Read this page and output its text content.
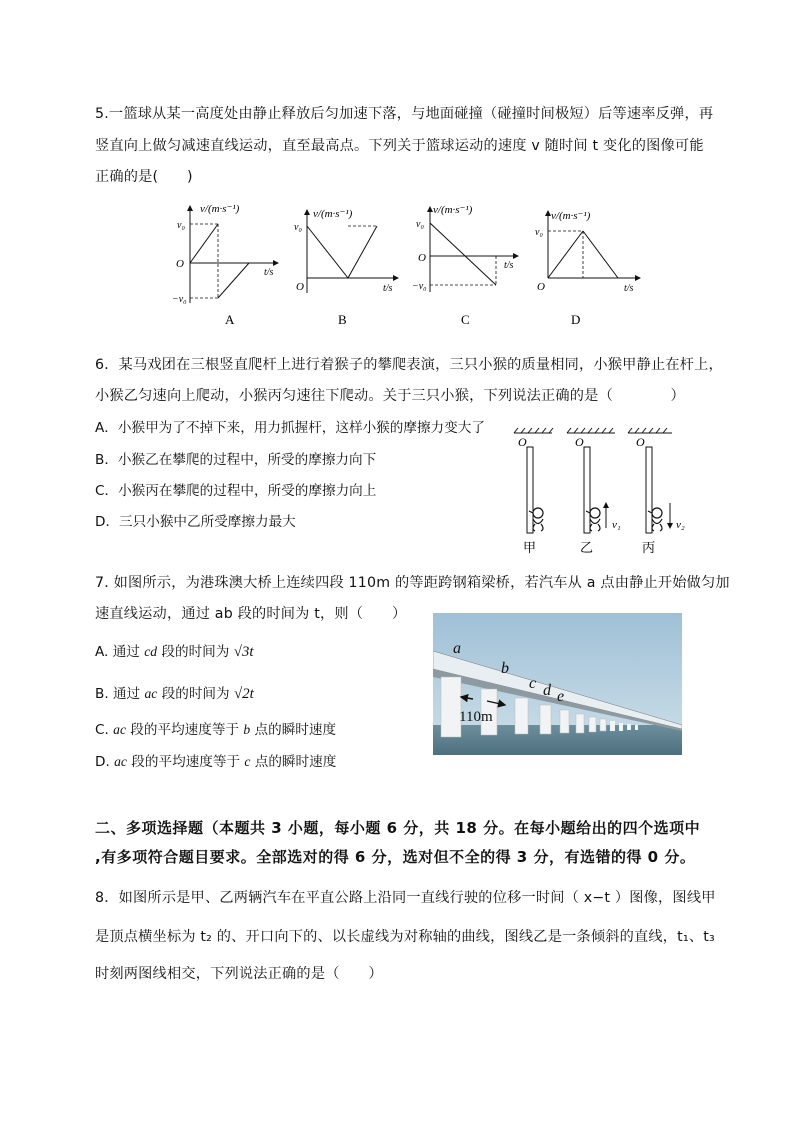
5.一篮球从某一高度处由静止释放后匀加速下落，与地面碰撞（碰撞时间极短）后等速率反弹，再
竖直向上做匀减速直线运动，直至最高点。下列关于篮球运动的速度 v 随时间 t 变化的图像可能
正确的是(　　)
v/(m·s⁻¹)
v₀
O
−v₀
t/s
A
v/(m·s⁻¹)
v₀
O	t/s
B
v/(m·s⁻¹)
v₀
O
−v₀
t/s
C
v/(m·s⁻¹)
v₀
O	t/s
D
6．某马戏团在三根竖直爬杆上进行着猴子的攀爬表演，三只小猴的质量相同，小猴甲静止在杆上，
小猴乙匀速向上爬动，小猴丙匀速往下爬动。关于三只小猴，下列说法正确的是（　　　　）
A．小猴甲为了不掉下来，用力抓握杆，这样小猴的摩擦力变大了
B．小猴乙在攀爬的过程中，所受的摩擦力向下
C．小猴丙在攀爬的过程中，所受的摩擦力向上
D．三只小猴中乙所受摩擦力最大
O	O	O
v₁	v₂
甲	乙	丙
7. 如图所示，为港珠澳大桥上连续四段 110m 的等距跨钢箱梁桥，若汽车从 a 点由静止开始做匀加
速直线运动，通过 ab 段的时间为 t，则（　　）
A. 通过 cd 段的时间为 √3t
B. 通过 ac 段的时间为 √2t
C. ac 段的平均速度等于 b 点的瞬时速度
D. ac 段的平均速度等于 c 点的瞬时速度
110m
a
b
c d e
二、多项选择题（本题共 3 小题，每小题 6 分，共 18 分。在每小题给出的四个选项中
,有多项符合题目要求。全部选对的得 6 分，选对但不全的得 3 分，有选错的得 0 分。
8．如图所示是甲、乙两辆汽车在平直公路上沿同一直线行驶的位移一时间（ x−t ）图像，图线甲
是顶点横坐标为 t₂ 的、开口向下的、以长虚线为对称轴的曲线，图线乙是一条倾斜的直线，t₁、t₃
时刻两图线相交，下列说法正确的是（　　）
